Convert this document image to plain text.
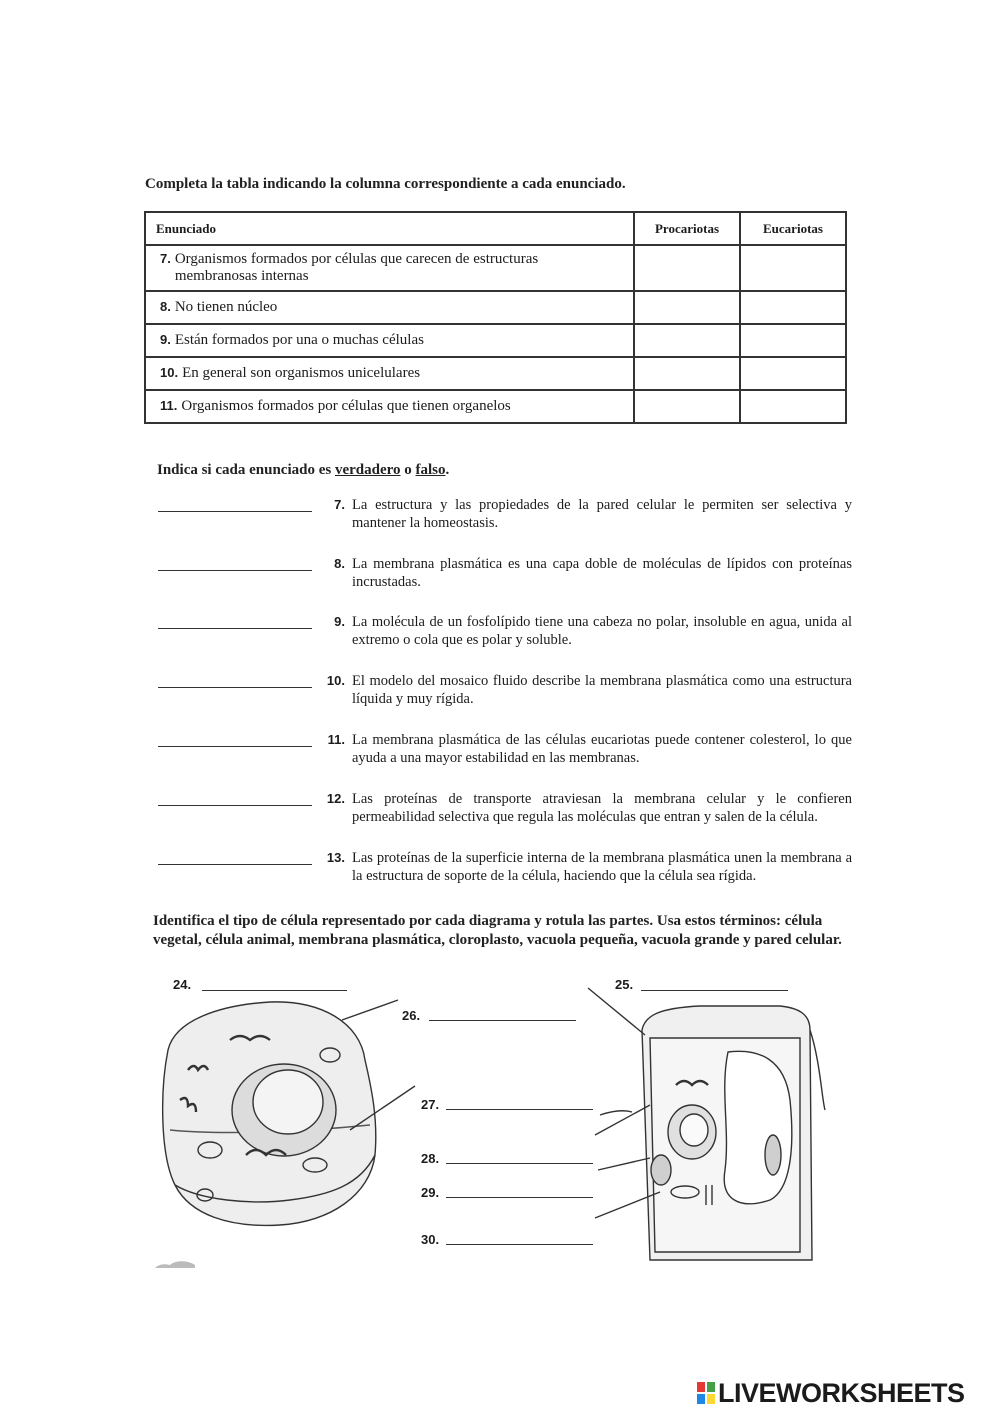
Completa la tabla indicando la columna correspondiente a cada enunciado.
Enunciado	Procariotas	Eucariotas

7. Organismos formados por células que carecen de estructuras membranosas internas		

8. No tienen núcleo		

9. Están formados por una o muchas células		

10. En general son organismos unicelulares		

11. Organismos formados por células que tienen organelos		

Indica si cada enunciado es verdadero o falso.
7. La estructura y las propiedades de la pared celular le permiten ser selectiva y mantener la homeostasis.
8. La membrana plasmática es una capa doble de moléculas de lípidos con proteínas incrustadas.
9. La molécula de un fosfolípido tiene una cabeza no polar, insoluble en agua, unida al extremo o cola que es polar y soluble.
10. El modelo del mosaico fluido describe la membrana plasmática como una estructura líquida y muy rígida.
11. La membrana plasmática de las células eucariotas puede contener colesterol, lo que ayuda a una mayor estabilidad en las membranas.
12. Las proteínas de transporte atraviesan la membrana celular y le confieren permeabilidad selectiva que regula las moléculas que entran y salen de la célula.
13. Las proteínas de la superficie interna de la membrana plasmática unen la membrana a la estructura de soporte de la célula, haciendo que la célula sea rígida.
Identifica el tipo de célula representado por cada diagrama y rotula las partes. Usa estos términos: célula vegetal, célula animal, membrana plasmática, cloroplasto, vacuola pequeña, vacuola grande y pared celular.
24.	25.
26.
27.
28.
29.
30.
LIVEWORKSHEETS
